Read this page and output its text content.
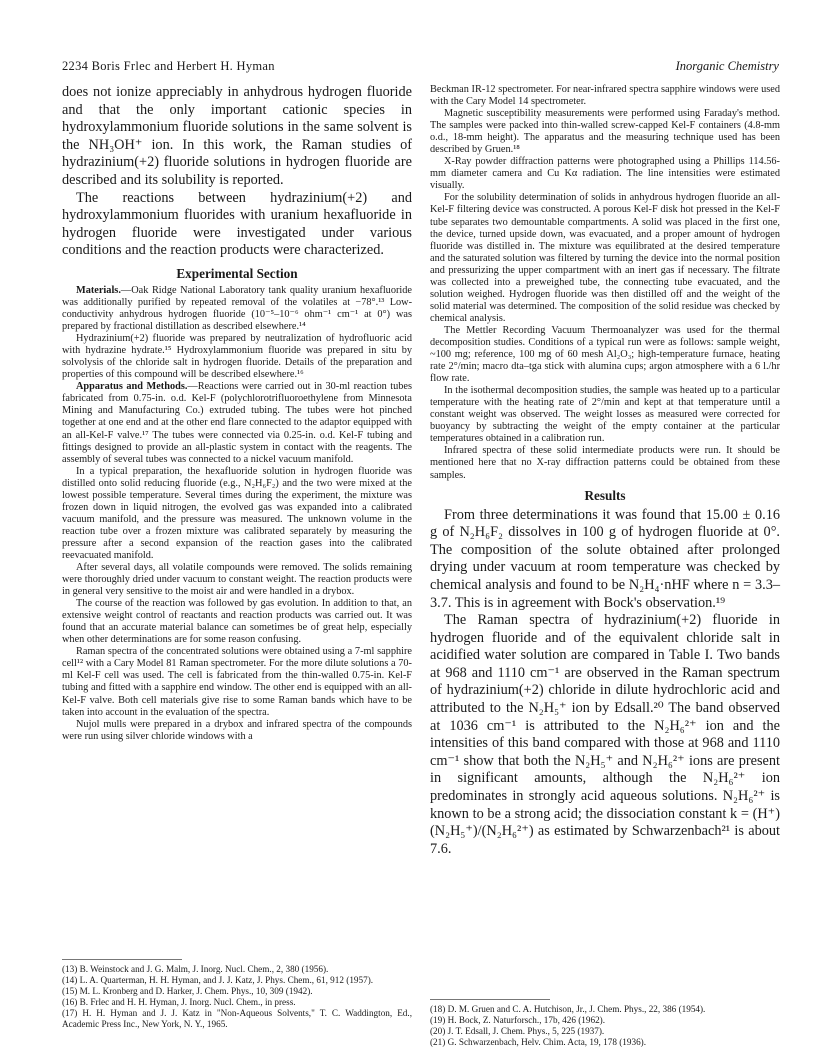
2234 Boris Frlec and Herbert H. Hyman	Inorganic Chemistry

does not ionize appreciably in anhydrous hydrogen fluoride and that the only important cationic species in hydroxylammonium fluoride solutions in the same solvent is the NH₃OH⁺ ion. In this work, the Raman studies of hydrazinium(+2) fluoride solutions in hydrogen fluoride are described and its solubility is reported.

The reactions between hydrazinium(+2) and hydroxylammonium fluorides with uranium hexafluoride in hydrogen fluoride were investigated under various conditions and the reaction products were characterized.

Experimental Section

Materials.—Oak Ridge National Laboratory tank quality uranium hexafluoride was additionally purified by repeated removal of the volatiles at −78°.¹³ Low-conductivity anhydrous hydrogen fluoride (10⁻⁵–10⁻⁶ ohm⁻¹ cm⁻¹ at 0°) was prepared by fractional distillation as described elsewhere.¹⁴

Hydrazinium(+2) fluoride was prepared by neutralization of hydrofluoric acid with hydrazine hydrate.¹⁵ Hydroxylammonium fluoride was prepared in situ by solvolysis of the chloride salt in hydrogen fluoride. Details of the preparation and properties of this compound will be described elsewhere.¹⁶

Apparatus and Methods.—Reactions were carried out in 30-ml reaction tubes fabricated from 0.75-in. o.d. Kel-F (polychlorotrifluoroethylene from Minnesota Mining and Manufacturing Co.) extruded tubing. The tubes were hot pinched together at one end and at the other end flare connected to the adaptor equipped with an all-Kel-F valve.¹⁷ The tubes were connected via 0.25-in. o.d. Kel-F tubing and fittings designed to provide an all-plastic system in contact with the reagents. The assembly of several tubes was connected to a nickel vacuum manifold.

In a typical preparation, the hexafluoride solution in hydrogen fluoride was distilled onto solid reducing fluoride (e.g., N₂H₆F₂) and the two were mixed at the lowest possible temperature. Several times during the experiment, the mixture was frozen down in liquid nitrogen, the evolved gas was expanded into a calibrated vacuum manifold, and the pressure was measured. The unknown volume in the reaction tube over a frozen mixture was calibrated separately by measuring the pressure after a second expansion of the reaction gases into the calibrated reevacuated manifold.

After several days, all volatile compounds were removed. The solids remaining were thoroughly dried under vacuum to constant weight. The reaction products were in general very sensitive to the moist air and were handled in a drybox.

The course of the reaction was followed by gas evolution. In addition to that, an extensive weight control of reactants and reaction products was carried out. It was found that an accurate material balance can sometimes be of great help, especially when other determinations are for some reason confusing.

Raman spectra of the concentrated solutions were obtained using a 7-ml sapphire cell¹² with a Cary Model 81 Raman spectrometer. For the more dilute solutions a 70-ml Kel-F cell was used. The cell is fabricated from the thin-walled 0.75-in. Kel-F tubing and fitted with a sapphire end window. The other end is equipped with an all-Kel-F valve. Both cell materials give rise to some Raman bands which have to be taken into account in the evaluation of the spectra.

Nujol mulls were prepared in a drybox and infrared spectra of the compounds were run using silver chloride windows with a

(13) B. Weinstock and J. G. Malm, J. Inorg. Nucl. Chem., 2, 380 (1956).

(14) L. A. Quarterman, H. H. Hyman, and J. J. Katz, J. Phys. Chem., 61, 912 (1957).

(15) M. L. Kronberg and D. Harker, J. Chem. Phys., 10, 309 (1942).

(16) B. Frlec and H. H. Hyman, J. Inorg. Nucl. Chem., in press.

(17) H. H. Hyman and J. J. Katz in "Non-Aqueous Solvents," T. C. Waddington, Ed., Academic Press Inc., New York, N. Y., 1965.

Beckman IR-12 spectrometer. For near-infrared spectra sapphire windows were used with the Cary Model 14 spectrometer.

Magnetic susceptibility measurements were performed using Faraday's method. The samples were packed into thin-walled screw-capped Kel-F containers (4.8-mm o.d., 18-mm height). The apparatus and the measuring technique used has been described by Gruen.¹⁸

X-Ray powder diffraction patterns were photographed using a Phillips 114.56-mm diameter camera and Cu Kα radiation. The line intensities were estimated visually.

For the solubility determination of solids in anhydrous hydrogen fluoride an all-Kel-F filtering device was constructed. A porous Kel-F disk hot pressed in the Kel-F tube separates two demountable compartments. A solid was placed in the first one, the device, turned upside down, was evacuated, and a proper amount of hydrogen fluoride was distilled in. The mixture was equilibrated at the desired temperature and the saturated solution was filtered by turning the device into the normal position and pressurizing the upper compartment with an inert gas if necessary. The filtrate was collected into a preweighed tube, the connecting tube evacuated, and the solution weighed. Hydrogen fluoride was then distilled off and the weight of the solid material was determined. The composition of the solid residue was checked by chemical analysis.

The Mettler Recording Vacuum Thermoanalyzer was used for the thermal decomposition studies. Conditions of a typical run were as follows: sample weight, ~100 mg; reference, 100 mg of 60 mesh Al₂O₃; high-temperature furnace, heating rate 2°/min; macro dta–tga stick with alumina cups; argon atmosphere with a 6 l./hr flow rate.

In the isothermal decomposition studies, the sample was heated up to a particular temperature with the heating rate of 2°/min and kept at that temperature until a constant weight was observed. The weight losses as measured were corrected for buoyancy by subtracting the weight of the empty container at the particular temperatures obtained in a calibration run.

Infrared spectra of these solid intermediate products were run. It should be mentioned here that no X-ray diffraction patterns could be obtained from these samples.

Results

From three determinations it was found that 15.00 ± 0.16 g of N₂H₆F₂ dissolves in 100 g of hydrogen fluoride at 0°. The composition of the solute obtained after prolonged drying under vacuum at room temperature was checked by chemical analysis and found to be N₂H₄·nHF where n = 3.3–3.7. This is in agreement with Bock's observation.¹⁹

The Raman spectra of hydrazinium(+2) fluoride in hydrogen fluoride and of the equivalent chloride salt in acidified water solution are compared in Table I. Two bands at 968 and 1110 cm⁻¹ are observed in the Raman spectrum of hydrazinium(+2) chloride in dilute hydrochloric acid and attributed to the N₂H₅⁺ ion by Edsall.²⁰ The band observed at 1036 cm⁻¹ is attributed to the N₂H₆²⁺ ion and the intensities of this band compared with those at 968 and 1110 cm⁻¹ show that both the N₂H₅⁺ and N₂H₆²⁺ ions are present in significant amounts, although the N₂H₆²⁺ ion predominates in strongly acid aqueous solutions. N₂H₆²⁺ is known to be a strong acid; the dissociation constant k = (H⁺)(N₂H₅⁺)/(N₂H₆²⁺) as estimated by Schwarzenbach²¹ is about 7.6.

(18) D. M. Gruen and C. A. Hutchison, Jr., J. Chem. Phys., 22, 386 (1954).

(19) H. Bock, Z. Naturforsch., 17b, 426 (1962).

(20) J. T. Edsall, J. Chem. Phys., 5, 225 (1937).

(21) G. Schwarzenbach, Helv. Chim. Acta, 19, 178 (1936).
